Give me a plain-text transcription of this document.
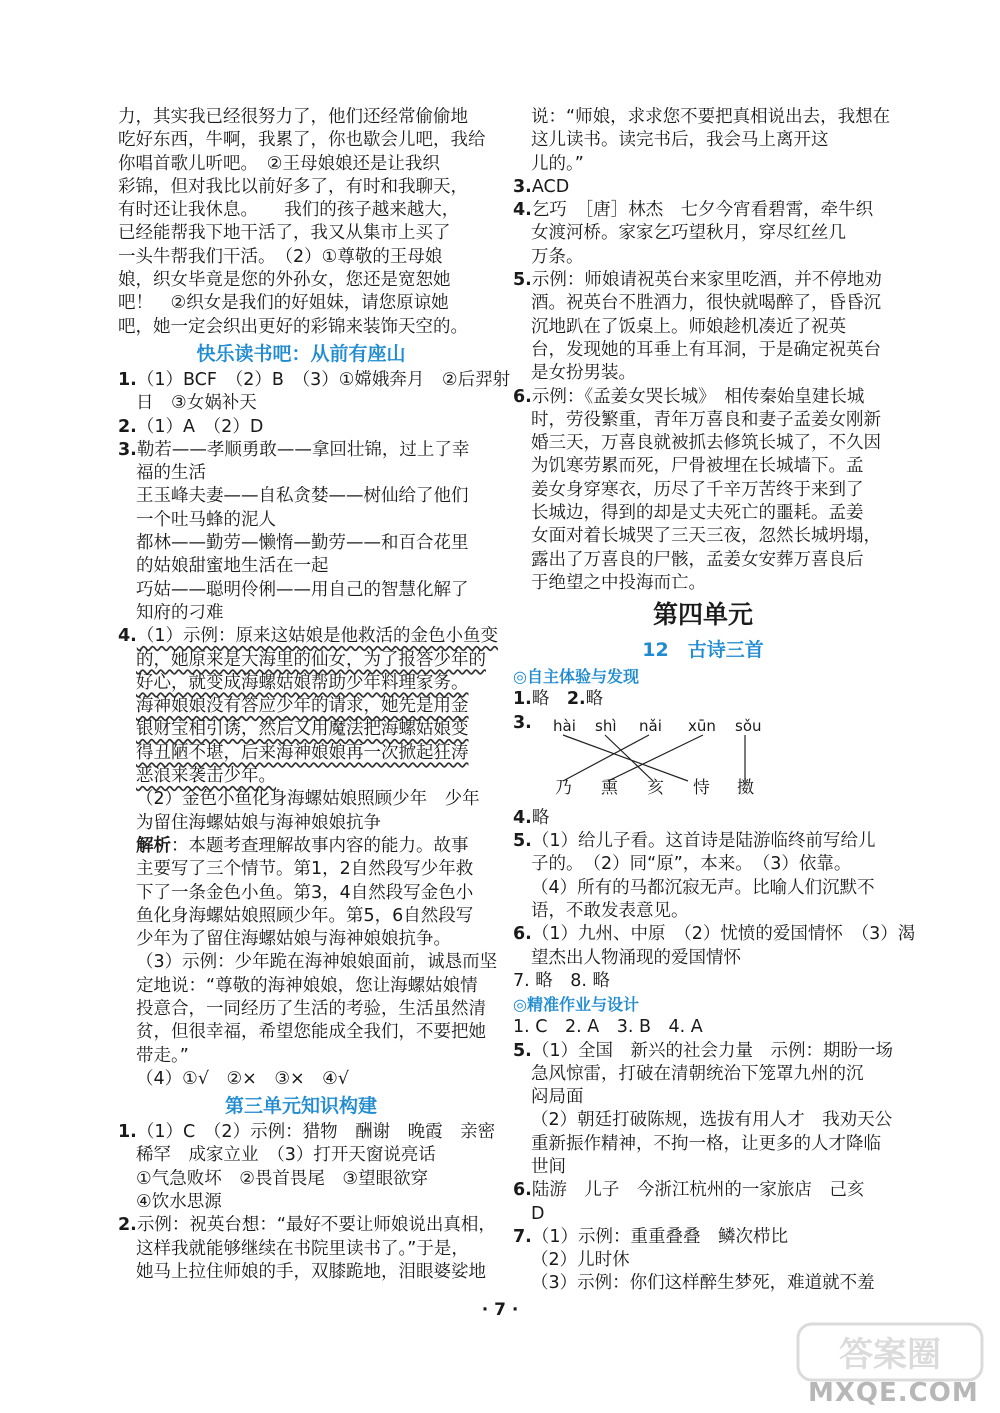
力，其实我已经很努力了，他们还经常偷偷地
吃好东西，牛啊，我累了，你也歇会儿吧，我给
你唱首歌儿听吧。　②王母娘娘还是让我织
彩锦，但对我比以前好多了，有时和我聊天，
有时还让我休息。　　我们的孩子越来越大，
已经能帮我下地干活了，我又从集市上买了
一头牛帮我们干活。　（2）①尊敬的王母娘
娘，织女毕竟是您的外孙女，您还是宽恕她
吧！　②织女是我们的好姐妹，请您原谅她
吧，她一定会织出更好的彩锦来装饰天空的。
快乐读书吧：从前有座山
1.（1）BCF　（2）B　（3）①嫦娥奔月　②后羿射
日　③女娲补天
2.（1）A　（2）D
3.勒若——孝顺勇敢——拿回壮锦，过上了幸
福的生活
王玉峰夫妻——自私贪婪——树仙给了他们
一个吐马蜂的泥人
都林——勤劳—懒惰—勤劳——和百合花里
的姑娘甜蜜地生活在一起
巧姑——聪明伶俐——用自己的智慧化解了
知府的刁难
4.（1）示例：原来这姑娘是他救活的金色小鱼变
的，她原来是大海里的仙女，为了报答少年的
好心，就变成海螺姑娘帮助少年料理家务。
海神娘娘没有答应少年的请求，她先是用金
银财宝相引诱，然后又用魔法把海螺姑娘变
得丑陋不堪，后来海神娘娘再一次掀起狂涛
恶浪来袭击少年。
（2）金色小鱼化身海螺姑娘照顾少年　少年
为留住海螺姑娘与海神娘娘抗争
解析：本题考查理解故事内容的能力。故事
主要写了三个情节。第1，2自然段写少年救
下了一条金色小鱼。第3，4自然段写金色小
鱼化身海螺姑娘照顾少年。第5，6自然段写
少年为了留住海螺姑娘与海神娘娘抗争。
（3）示例：少年跪在海神娘娘面前，诚恳而坚
定地说：“尊敬的海神娘娘，您让海螺姑娘情
投意合，一同经历了生活的考验，生活虽然清
贫，但很幸福，希望您能成全我们，不要把她
带走。”
（4）①√　②×　③×　④√
第三单元知识构建
1.（1）C　（2）示例：猎物　酬谢　晚霞　亲密
稀罕　成家立业　（3）打开天窗说亮话
①气急败坏　②畏首畏尾　③望眼欲穿
④饮水思源
2.示例：祝英台想：“最好不要让师娘说出真相，
这样我就能够继续在书院里读书了。”于是，
她马上拉住师娘的手，双膝跪地，泪眼婆娑地
说：“师娘，求求您不要把真相说出去，我想在
这儿读书。读完书后，我会马上离开这
儿的。”
3.ACD
4.乞巧　［唐］林杰　七夕今宵看碧霄，牵牛织
女渡河桥。家家乞巧望秋月，穿尽红丝几
万条。
5.示例：师娘请祝英台来家里吃酒，并不停地劝
酒。祝英台不胜酒力，很快就喝醉了，昏昏沉
沉地趴在了饭桌上。师娘趁机凑近了祝英
台，发现她的耳垂上有耳洞，于是确定祝英台
是女扮男装。
6.示例：《孟姜女哭长城》　相传秦始皇建长城
时，劳役繁重，青年万喜良和妻子孟姜女刚新
婚三天，万喜良就被抓去修筑长城了，不久因
为饥寒劳累而死，尸骨被埋在长城墙下。孟
姜女身穿寒衣，历尽了千辛万苦终于来到了
长城边，得到的却是丈夫死亡的噩耗。孟姜
女面对着长城哭了三天三夜，忽然长城坍塌，
露出了万喜良的尸骸，孟姜女安葬万喜良后
于绝望之中投海而亡。
第四单元
12　古诗三首
◎自主体验与发现
1.略　2.略
3.	hài shì nǎi xūn sǒu
乃 熏 亥 恃 擞
4.略
5.（1）给儿子看。这首诗是陆游临终前写给儿
子的。　（2）同“原”，本来。　（3）依靠。
（4）所有的马都沉寂无声。比喻人们沉默不
语，不敢发表意见。
6.（1）九州、中原　（2）忧愤的爱国情怀　（3）渴
望杰出人物涌现的爱国情怀
7. 略　8. 略
◎精准作业与设计
1. C　2. A　3. B　4. A
5.（1）全国　新兴的社会力量　示例：期盼一场
急风惊雷，打破在清朝统治下笼罩九州的沉
闷局面
（2）朝廷打破陈规，选拔有用人才　我劝天公
重新振作精神，不拘一格，让更多的人才降临
世间
6.陆游　儿子　今浙江杭州的一家旅店　己亥
D
7.（1）示例：重重叠叠　鳞次栉比
（2）儿时休
（3）示例：你们这样醉生梦死，难道就不羞
· 7 ·
答案圈
MXQE.COM
